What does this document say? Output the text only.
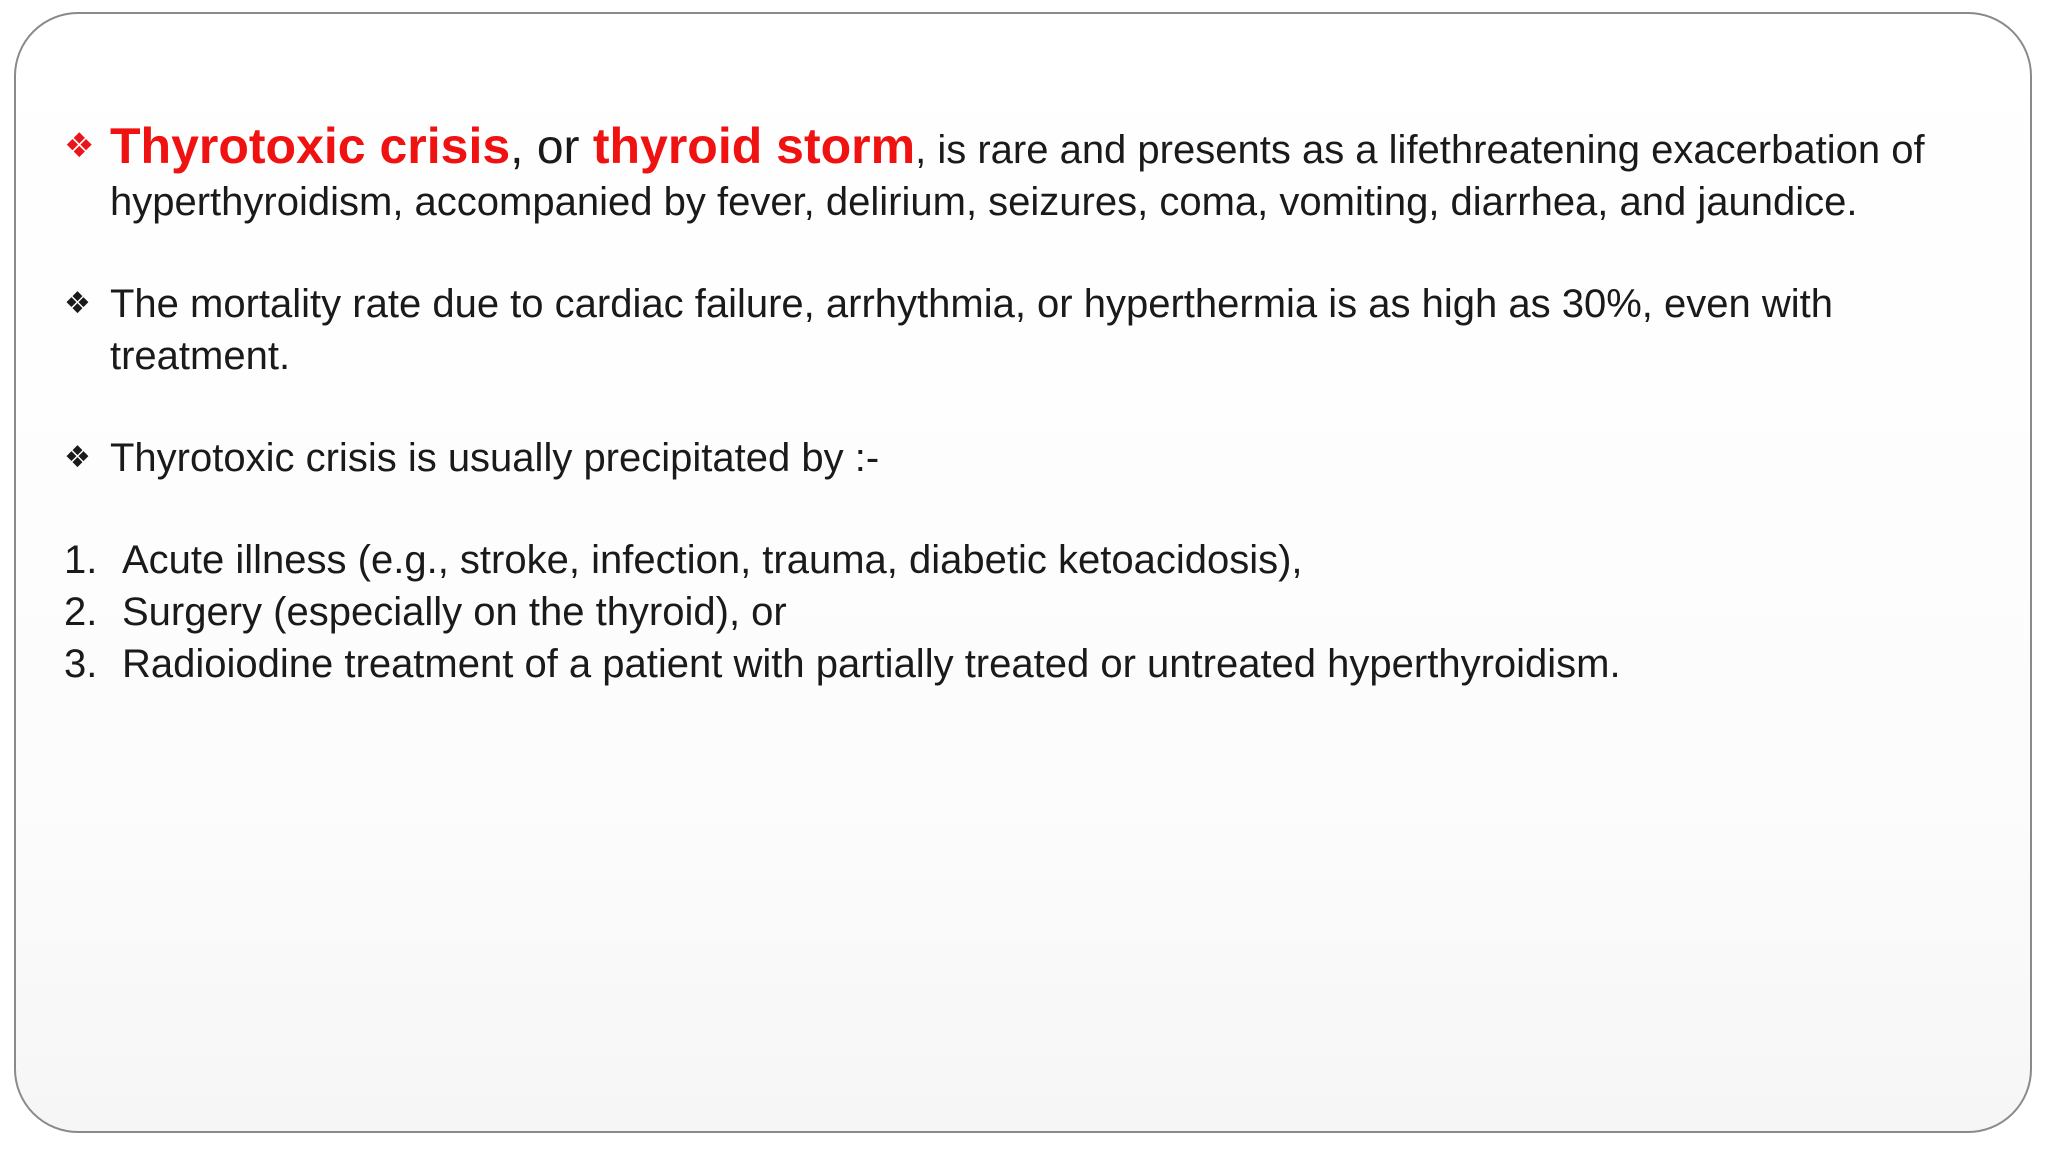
❖ Thyrotoxic crisis, or thyroid storm, is rare and presents as a lifethreatening exacerbation of hyperthyroidism, accompanied by fever, delirium, seizures, coma, vomiting, diarrhea, and jaundice.

❖ The mortality rate due to cardiac failure, arrhythmia, or hyperthermia is as high as 30%, even with treatment.

❖ Thyrotoxic crisis is usually precipitated by :-

1. Acute illness (e.g., stroke, infection, trauma, diabetic ketoacidosis),
2. Surgery (especially on the thyroid), or
3. Radioiodine treatment of a patient with partially treated or untreated hyperthyroidism.
